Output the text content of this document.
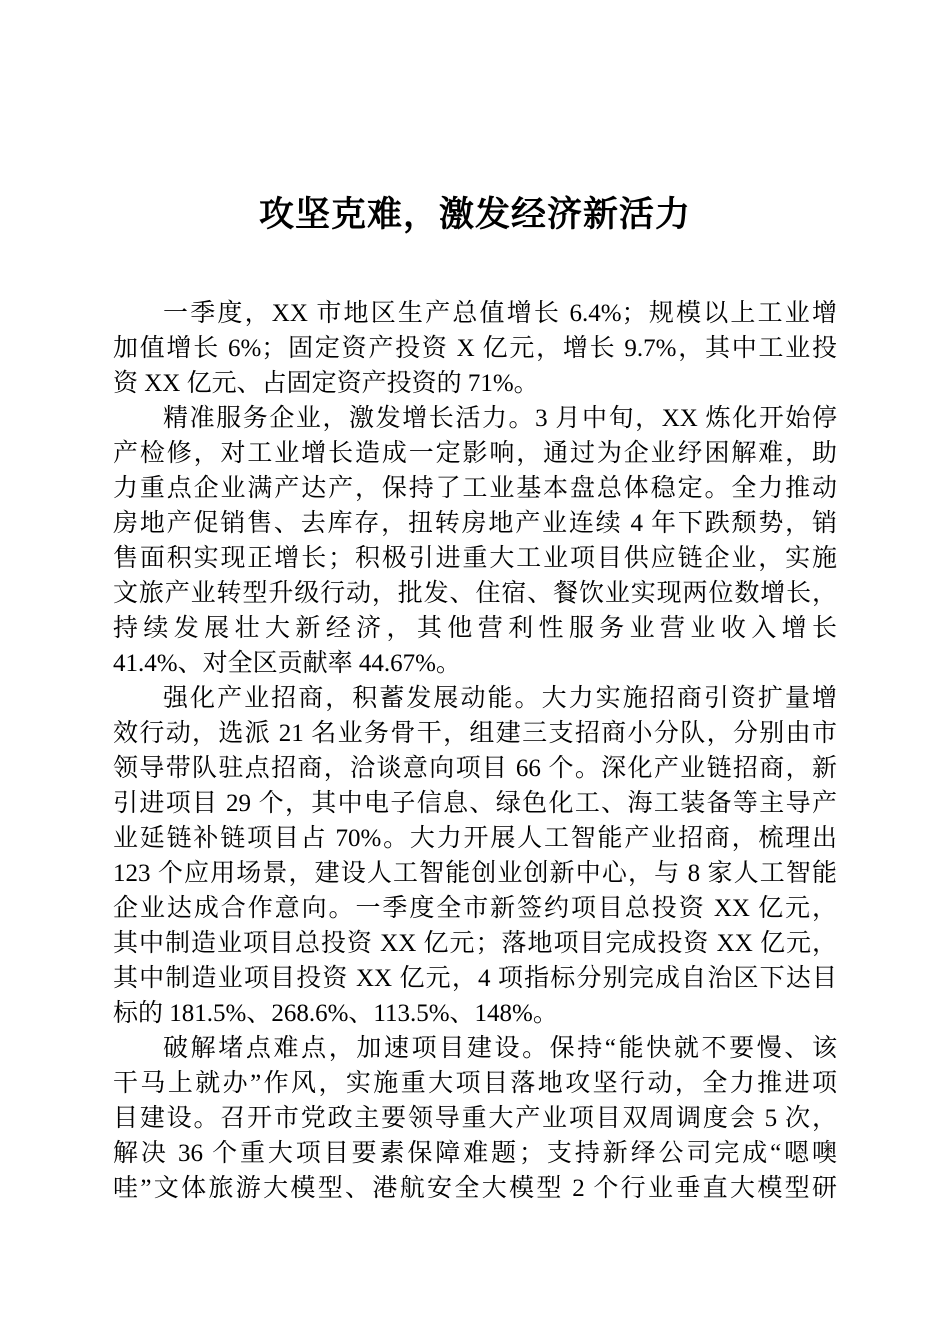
攻坚克难，激发经济新活力

一季度，XX 市地区生产总值增长 6.4%；规模以上工业增
加值增长 6%；固定资产投资 X 亿元，增长 9.7%，其中工业投
资 XX 亿元、占固定资产投资的 71%。

精准服务企业，激发增长活力。3 月中旬，XX 炼化开始停
产检修，对工业增长造成一定影响，通过为企业纾困解难，助
力重点企业满产达产，保持了工业基本盘总体稳定。全力推动
房地产促销售、去库存，扭转房地产业连续 4 年下跌颓势，销
售面积实现正增长；积极引进重大工业项目供应链企业，实施
文旅产业转型升级行动，批发、住宿、餐饮业实现两位数增长，
持续发展壮大新经济，其他营利性服务业营业收入增长
41.4%、对全区贡献率 44.67%。

强化产业招商，积蓄发展动能。大力实施招商引资扩量增
效行动，选派 21 名业务骨干，组建三支招商小分队，分别由市
领导带队驻点招商，洽谈意向项目 66 个。深化产业链招商，新
引进项目 29 个，其中电子信息、绿色化工、海工装备等主导产
业延链补链项目占 70%。大力开展人工智能产业招商，梳理出
123 个应用场景，建设人工智能创业创新中心，与 8 家人工智能
企业达成合作意向。一季度全市新签约项目总投资 XX 亿元，
其中制造业项目总投资 XX 亿元；落地项目完成投资 XX 亿元，
其中制造业项目投资 XX 亿元，4 项指标分别完成自治区下达目
标的 181.5%、268.6%、113.5%、148%。

破解堵点难点，加速项目建设。保持“能快就不要慢、该
干马上就办”作风，实施重大项目落地攻坚行动，全力推进项
目建设。召开市党政主要领导重大产业项目双周调度会 5 次，
解决 36 个重大项目要素保障难题；支持新绎公司完成“嗯噢
哇”文体旅游大模型、港航安全大模型 2 个行业垂直大模型研
